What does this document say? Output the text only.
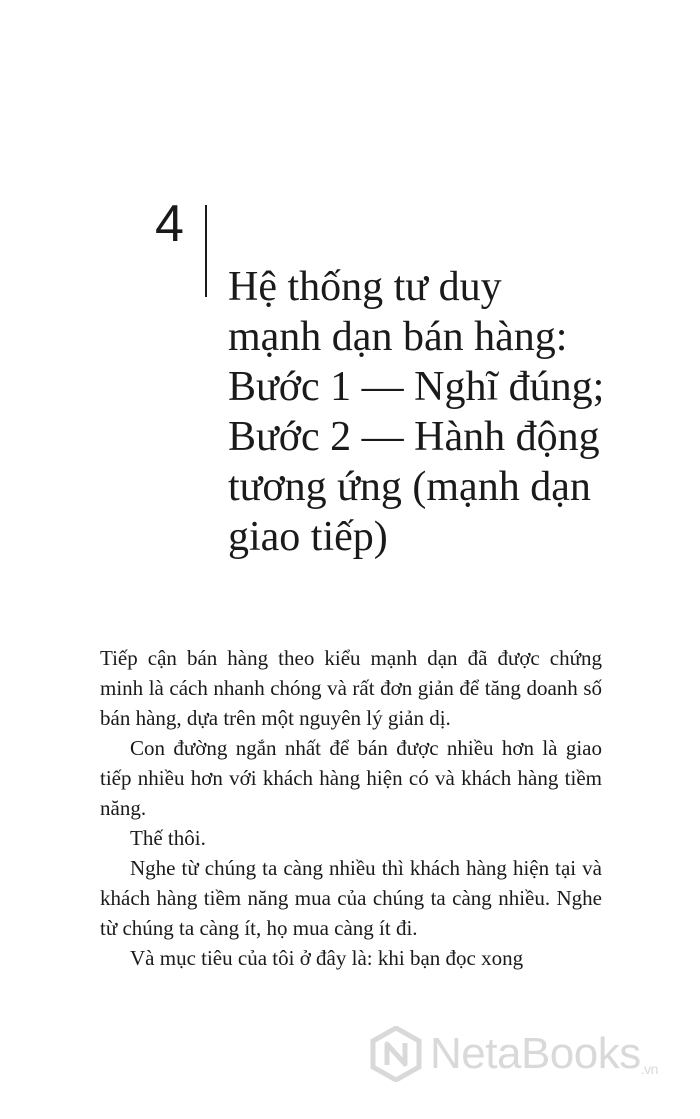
4
Hệ thống tư duy
mạnh dạn bán hàng:
Bước 1 — Nghĩ đúng;
Bước 2 — Hành động
tương ứng (mạnh dạn
giao tiếp)

Tiếp cận bán hàng theo kiểu mạnh dạn đã được chứng minh là cách nhanh chóng và rất đơn giản để tăng doanh số bán hàng, dựa trên một nguyên lý giản dị.

Con đường ngắn nhất để bán được nhiều hơn là giao tiếp nhiều hơn với khách hàng hiện có và khách hàng tiềm năng.

Thế thôi.

Nghe từ chúng ta càng nhiều thì khách hàng hiện tại và khách hàng tiềm năng mua của chúng ta càng nhiều. Nghe từ chúng ta càng ít, họ mua càng ít đi.

Và mục tiêu của tôi ở đây là: khi bạn đọc xong

NetaBooks.vn
